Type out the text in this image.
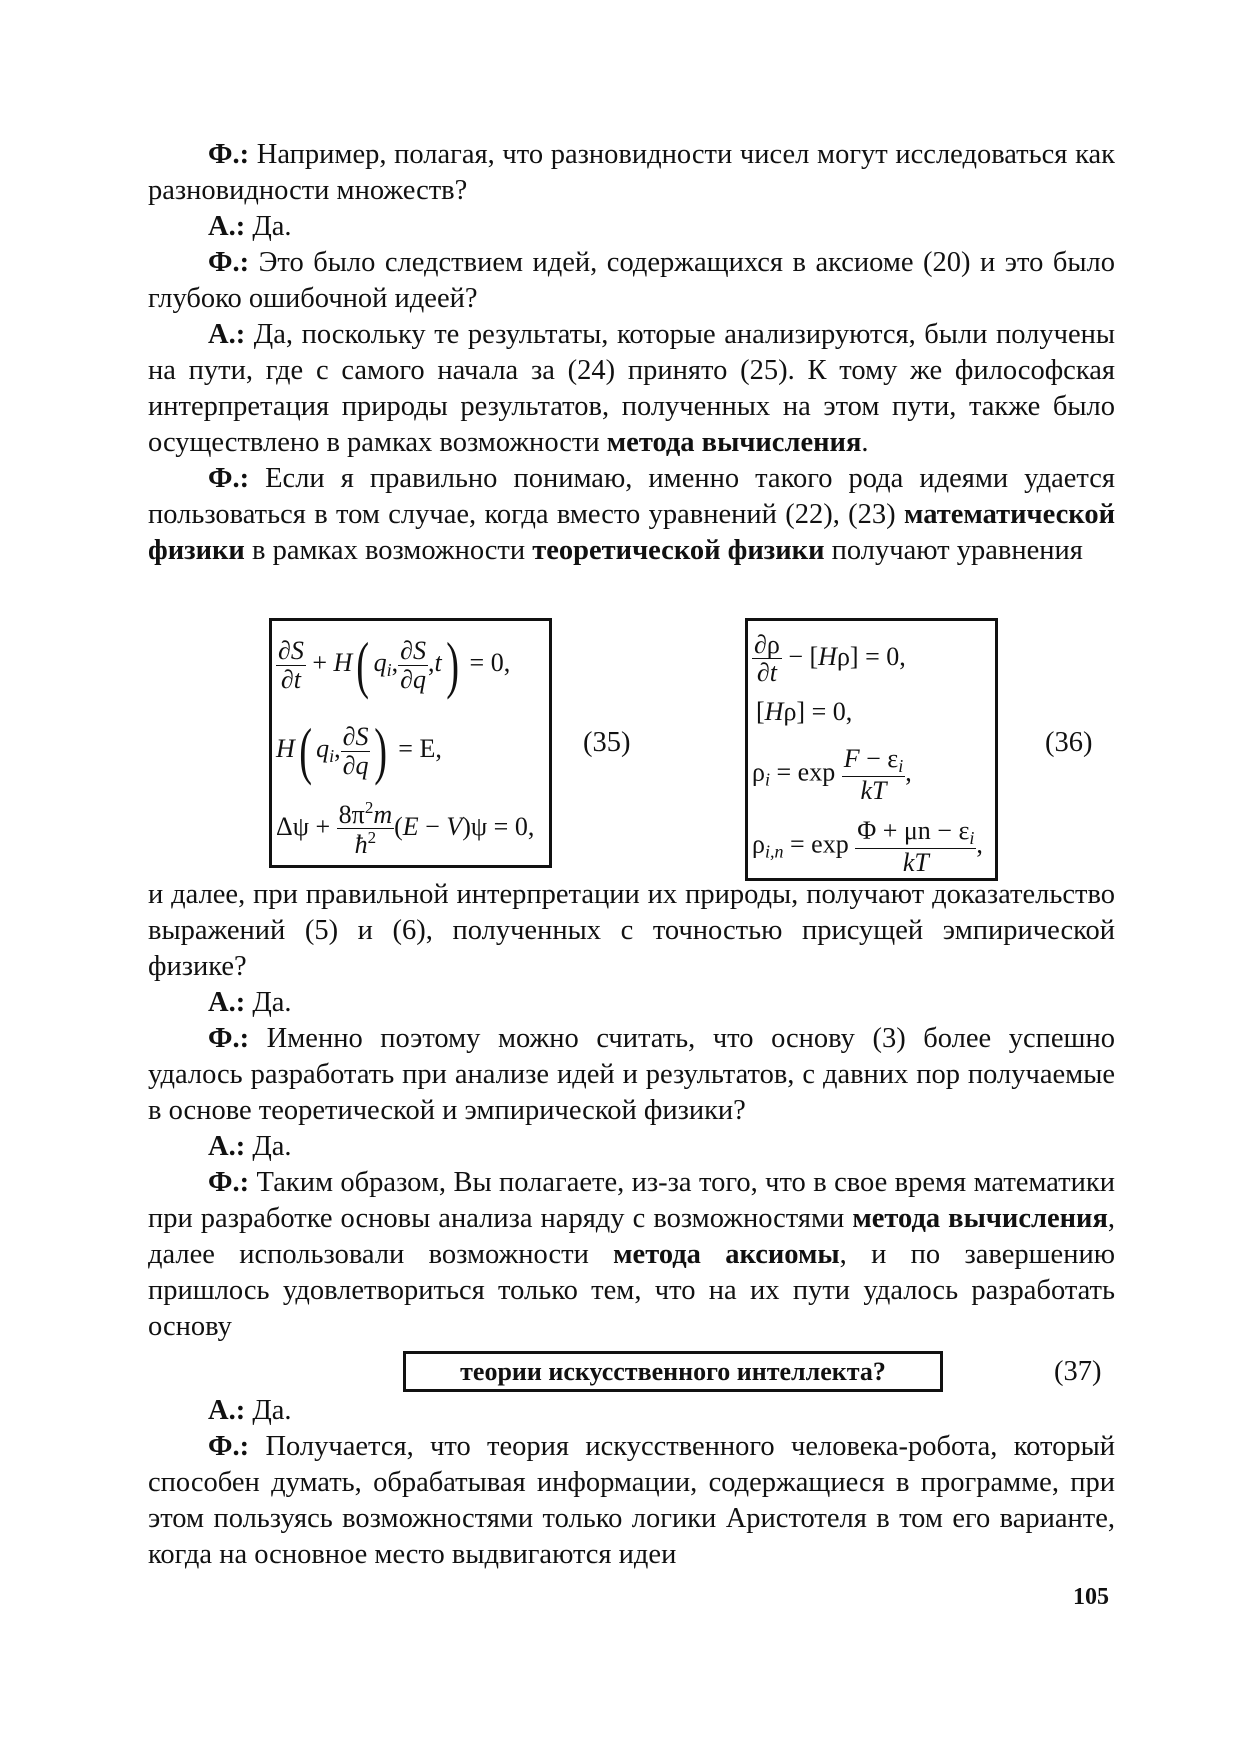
Ф.: Например, полагая, что разновидности чисел могут исследоваться как разновидности множеств?

А.: Да.

Ф.: Это было следствием идей, содержащихся в аксиоме (20) и это было глубоко ошибочной идеей?

А.: Да, поскольку те результаты, которые анализируются, были получены на пути, где с самого начала за (24) принято (25). К тому же философская интерпретация природы результатов, полученных на этом пути, также было осуществлено в рамках возможности метода вычисления.

Ф.: Если я правильно понимаю, именно такого рода идеями удается пользоваться в том случае, когда вместо уравнений (22), (23) математической физики в рамках возможности теоретической физики получают уравнения

$\frac{\partial S}{\partial t} + H$( $q_i$, $\frac{\partial S}{\partial q} ,t) = 0$,
H( $q_i$, $\frac{\partial S}{\partial q}$ ) = E,
$\Delta\psi + \frac{8\pi^2m}{ħ^2} (E - V)\psi = 0$,
(35)
$\frac{\partial\rho}{\partial t} - [H\rho] = 0$,
[Hρ] = 0,
$\rho_i = \exp \frac{F - \varepsilon_i}{kT}$ ,
$\rho_{i,n} = \exp \frac{\Phi + \mu n - \varepsilon_i}{kT}$ ,
(36)

и далее, при правильной интерпретации их природы, получают доказательство выражений (5) и (6), полученных с точностью присущей эмпирической физике?

А.: Да.

Ф.: Именно поэтому можно считать, что основу (3) более успешно удалось разработать при анализе идей и результатов, с давних пор получаемые в основе теоретической и эмпирической физики?

А.: Да.

Ф.: Таким образом, Вы полагаете, из-за того, что в свое время математики при разработке основы анализа наряду с возможностями метода вычисления, далее использовали возможности метода аксиомы, и по завершению пришлось удовлетвориться только тем, что на их пути удалось разработать основу

теории искусственного интеллекта?	(37)

А.: Да.

Ф.: Получается, что теория искусственного человека-робота, который способен думать, обрабатывая информации, содержащиеся в программе, при этом пользуясь возможностями только логики Аристотеля в том его варианте, когда на основное место выдвигаются идеи

105
